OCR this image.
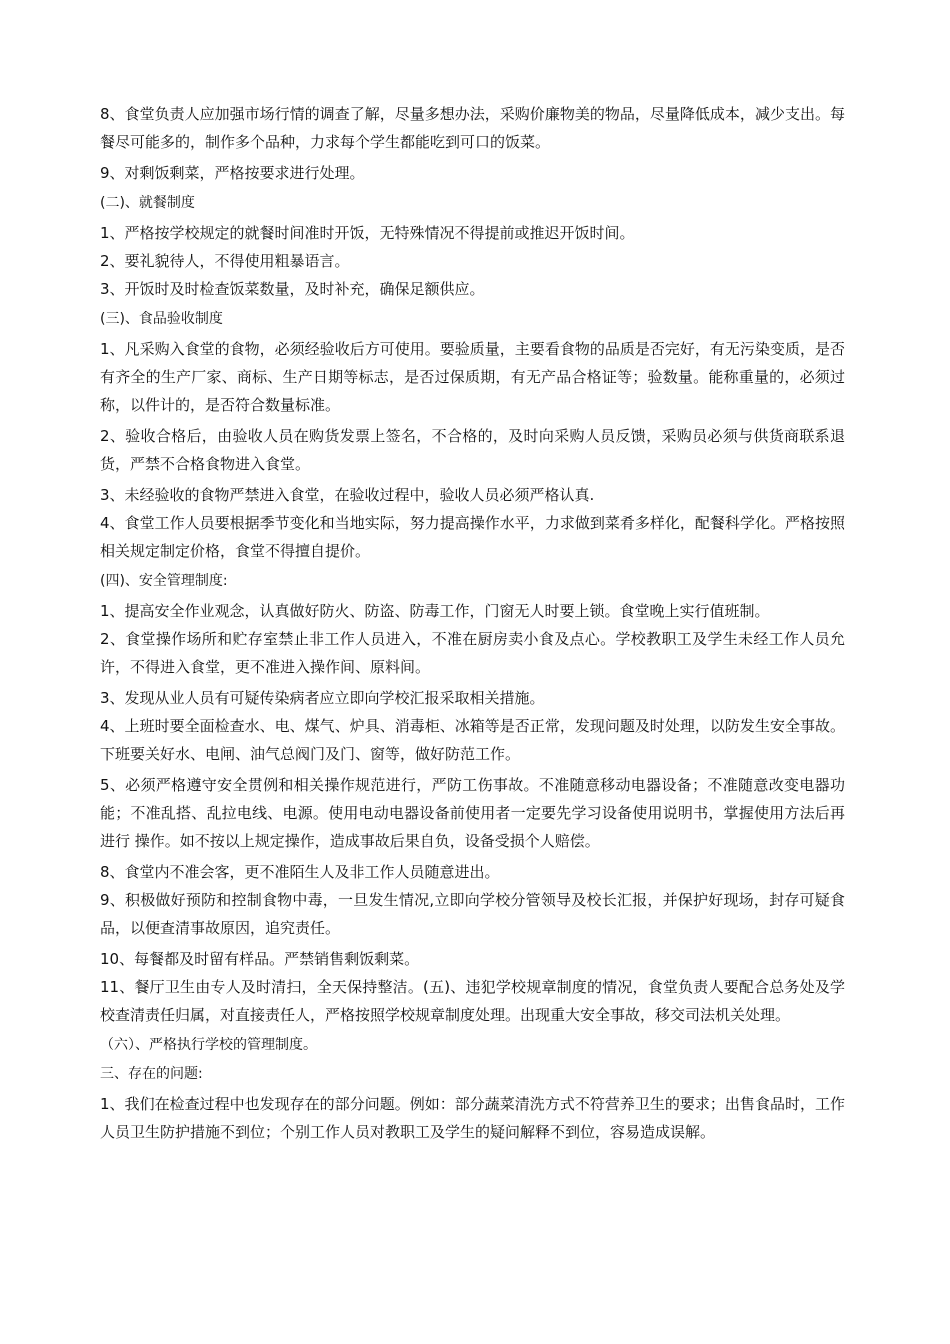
8、食堂负责人应加强市场行情的调查了解，尽量多想办法，采购价廉物美的物品，尽量降低成本，减少支出。每餐尽可能多的，制作多个品种，力求每个学生都能吃到可口的饭菜。

9、对剩饭剩菜，严格按要求进行处理。

(二)、就餐制度

1、严格按学校规定的就餐时间准时开饭，无特殊情况不得提前或推迟开饭时间。

2、要礼貌待人，不得使用粗暴语言。

3、开饭时及时检查饭菜数量，及时补充，确保足额供应。

(三)、食品验收制度

1、凡采购入食堂的食物，必须经验收后方可使用。要验质量，主要看食物的品质是否完好，有无污染变质，是否有齐全的生产厂家、商标、生产日期等标志，是否过保质期，有无产品合格证等；验数量。能称重量的，必须过称，以件计的，是否符合数量标准。

2、验收合格后，由验收人员在购货发票上签名，不合格的，及时向采购人员反馈，采购员必须与供货商联系退货，严禁不合格食物进入食堂。

3、未经验收的食物严禁进入食堂，在验收过程中，验收人员必须严格认真.

4、食堂工作人员要根据季节变化和当地实际，努力提高操作水平，力求做到菜肴多样化，配餐科学化。严格按照相关规定制定价格，食堂不得擅自提价。

(四)、安全管理制度:

1、提高安全作业观念，认真做好防火、防盗、防毒工作，门窗无人时要上锁。食堂晚上实行值班制。

2、食堂操作场所和贮存室禁止非工作人员进入，不准在厨房卖小食及点心。学校教职工及学生未经工作人员允许，不得进入食堂，更不准进入操作间、原料间。

3、发现从业人员有可疑传染病者应立即向学校汇报采取相关措施。

4、上班时要全面检查水、电、煤气、炉具、消毒柜、冰箱等是否正常，发现问题及时处理，以防发生安全事故。下班要关好水、电闸、油气总阀门及门、窗等，做好防范工作。

5、必须严格遵守安全贯例和相关操作规范进行，严防工伤事故。不准随意移动电器设备；不准随意改变电器功能；不准乱搭、乱拉电线、电源。使用电动电器设备前使用者一定要先学习设备使用说明书，掌握使用方法后再进行 操作。如不按以上规定操作，造成事故后果自负，设备受损个人赔偿。

8、食堂内不准会客，更不准陌生人及非工作人员随意进出。

9、积极做好预防和控制食物中毒，一旦发生情况,立即向学校分管领导及校长汇报，并保护好现场，封存可疑食品，以便查清事故原因，追究责任。

10、每餐都及时留有样品。严禁销售剩饭剩菜。

11、餐厅卫生由专人及时清扫，全天保持整洁。(五)、违犯学校规章制度的情况，食堂负责人要配合总务处及学校查清责任归属，对直接责任人，严格按照学校规章制度处理。出现重大安全事故，移交司法机关处理。

（六）、严格执行学校的管理制度。

三、存在的问题:

1、我们在检查过程中也发现存在的部分问题。例如：部分蔬菜清洗方式不符营养卫生的要求；出售食品时，工作人员卫生防护措施不到位；个别工作人员对教职工及学生的疑问解释不到位，容易造成误解。
